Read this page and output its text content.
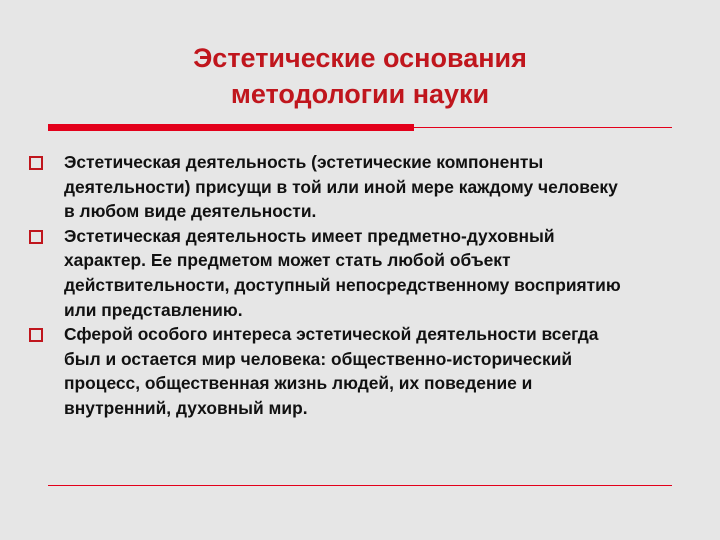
Эстетические основания
методологии науки
Эстетическая деятельность (эстетические компоненты
деятельности) присущи в той или иной мере каждому человеку
в любом виде деятельности.
Эстетическая деятельность имеет предметно-духовный
характер. Ее предметом может стать любой объект
действительности, доступный непосредственному восприятию
или представлению.
Сферой особого интереса эстетической деятельности всегда
был и остается мир человека: общественно-исторический
процесс, общественная жизнь людей, их поведение и
внутренний, духовный мир.
